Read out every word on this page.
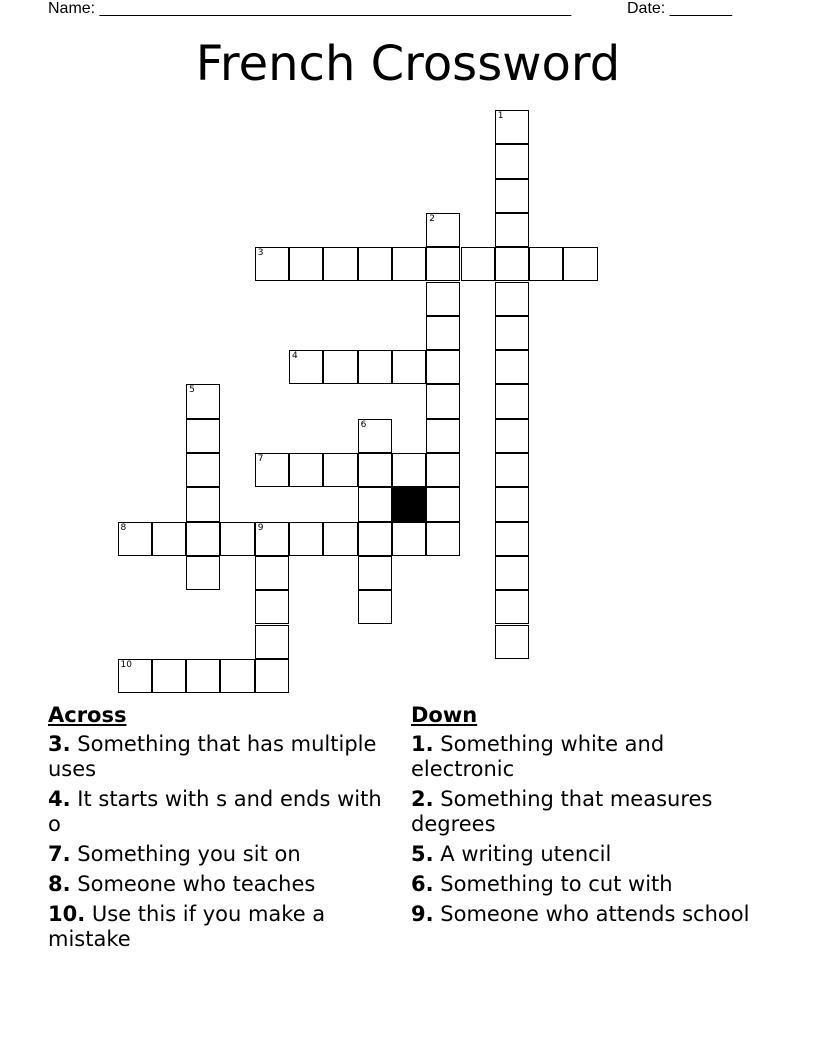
Name: _____________________________________________________	Date: _______
French Crossword
1
2
3
4
5
6
7
8	9
10
Across
3. Something that has multiple uses
4. It starts with s and ends with o
7. Something you sit on
8. Someone who teaches
10. Use this if you make a mistake
Down
1. Something white and electronic
2. Something that measures degrees
5. A writing utencil
6. Something to cut with
9. Someone who attends school
